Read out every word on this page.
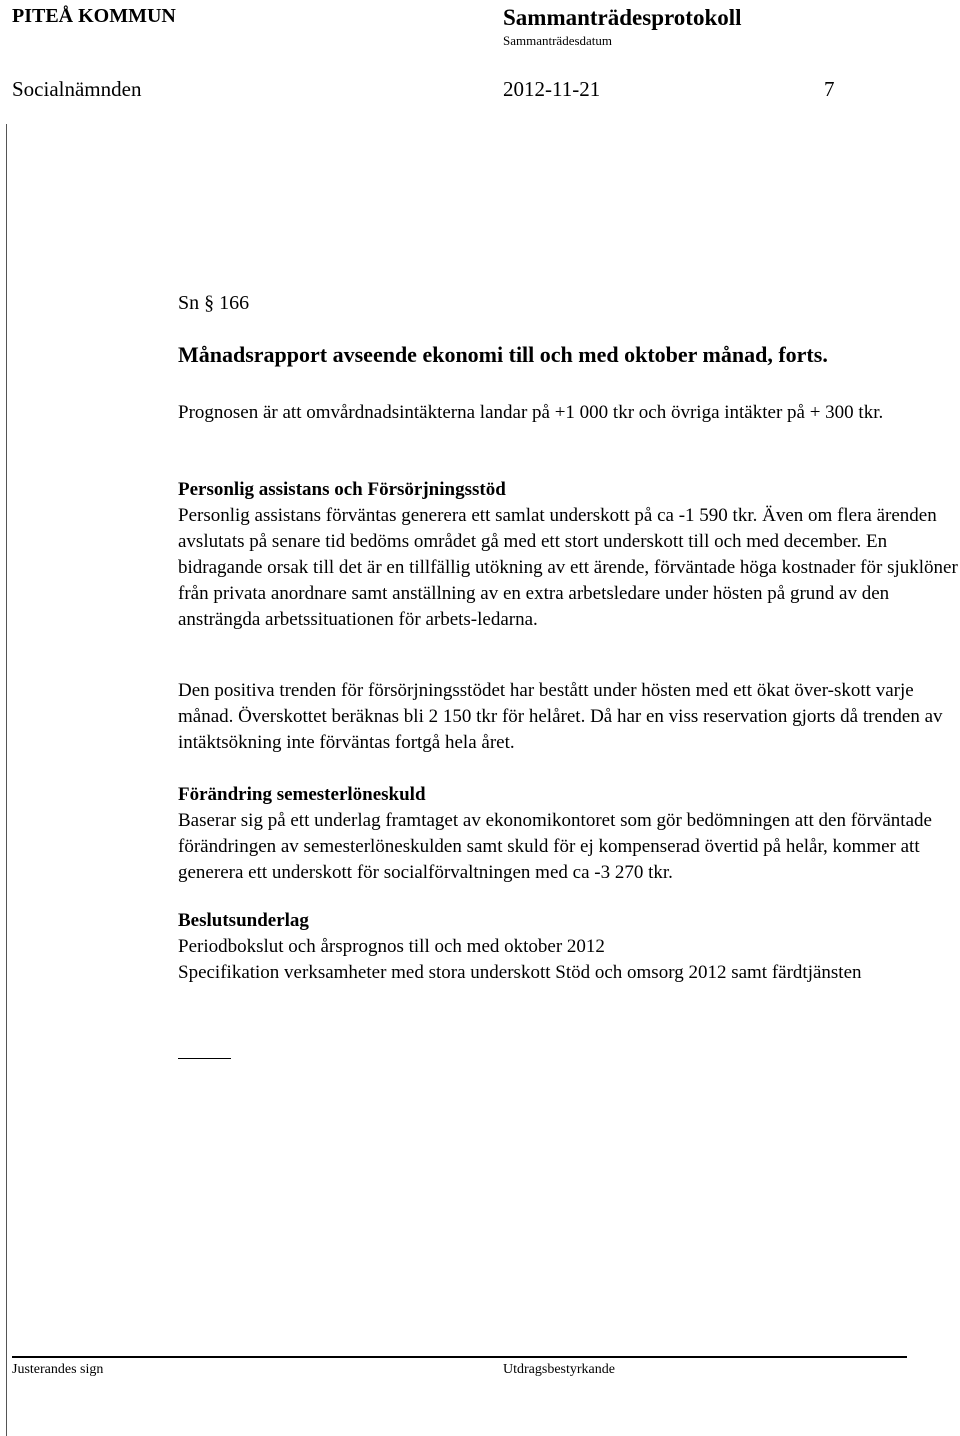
PITEÅ KOMMUN	Sammanträdesprotokoll
Sammanträdesdatum
Socialnämnden	2012-11-21	7
Sn § 166
Månadsrapport avseende ekonomi till och med oktober månad, forts.

Prognosen är att omvårdnadsintäkterna landar på +1 000 tkr och övriga intäkter på + 300 tkr.

Personlig assistans och Försörjningsstöd

Personlig assistans förväntas generera ett samlat underskott på ca -1 590 tkr. Även om flera ärenden avslutats på senare tid bedöms området gå med ett stort underskott till och med december. En bidragande orsak till det är en tillfällig utökning av ett ärende, förväntade höga kostnader för sjuklöner från privata anordnare samt anställning av en extra arbetsledare under hösten på grund av den ansträngda arbetssituationen för arbets-ledarna.

Den positiva trenden för försörjningsstödet har bestått under hösten med ett ökat över-skott varje månad. Överskottet beräknas bli 2 150 tkr för helåret. Då har en viss reservation gjorts då trenden av intäktsökning inte förväntas fortgå hela året.

Förändring semesterlöneskuld

Baserar sig på ett underlag framtaget av ekonomikontoret som gör bedömningen att den förväntade förändringen av semesterlöneskulden samt skuld för ej kompenserad övertid på helår, kommer att generera ett underskott för socialförvaltningen med ca -3 270 tkr.

Beslutsunderlag

Periodbokslut och årsprognos till och med oktober 2012

Specifikation verksamheter med stora underskott Stöd och omsorg 2012 samt färdtjänsten

Justerandes sign	Utdragsbestyrkande
